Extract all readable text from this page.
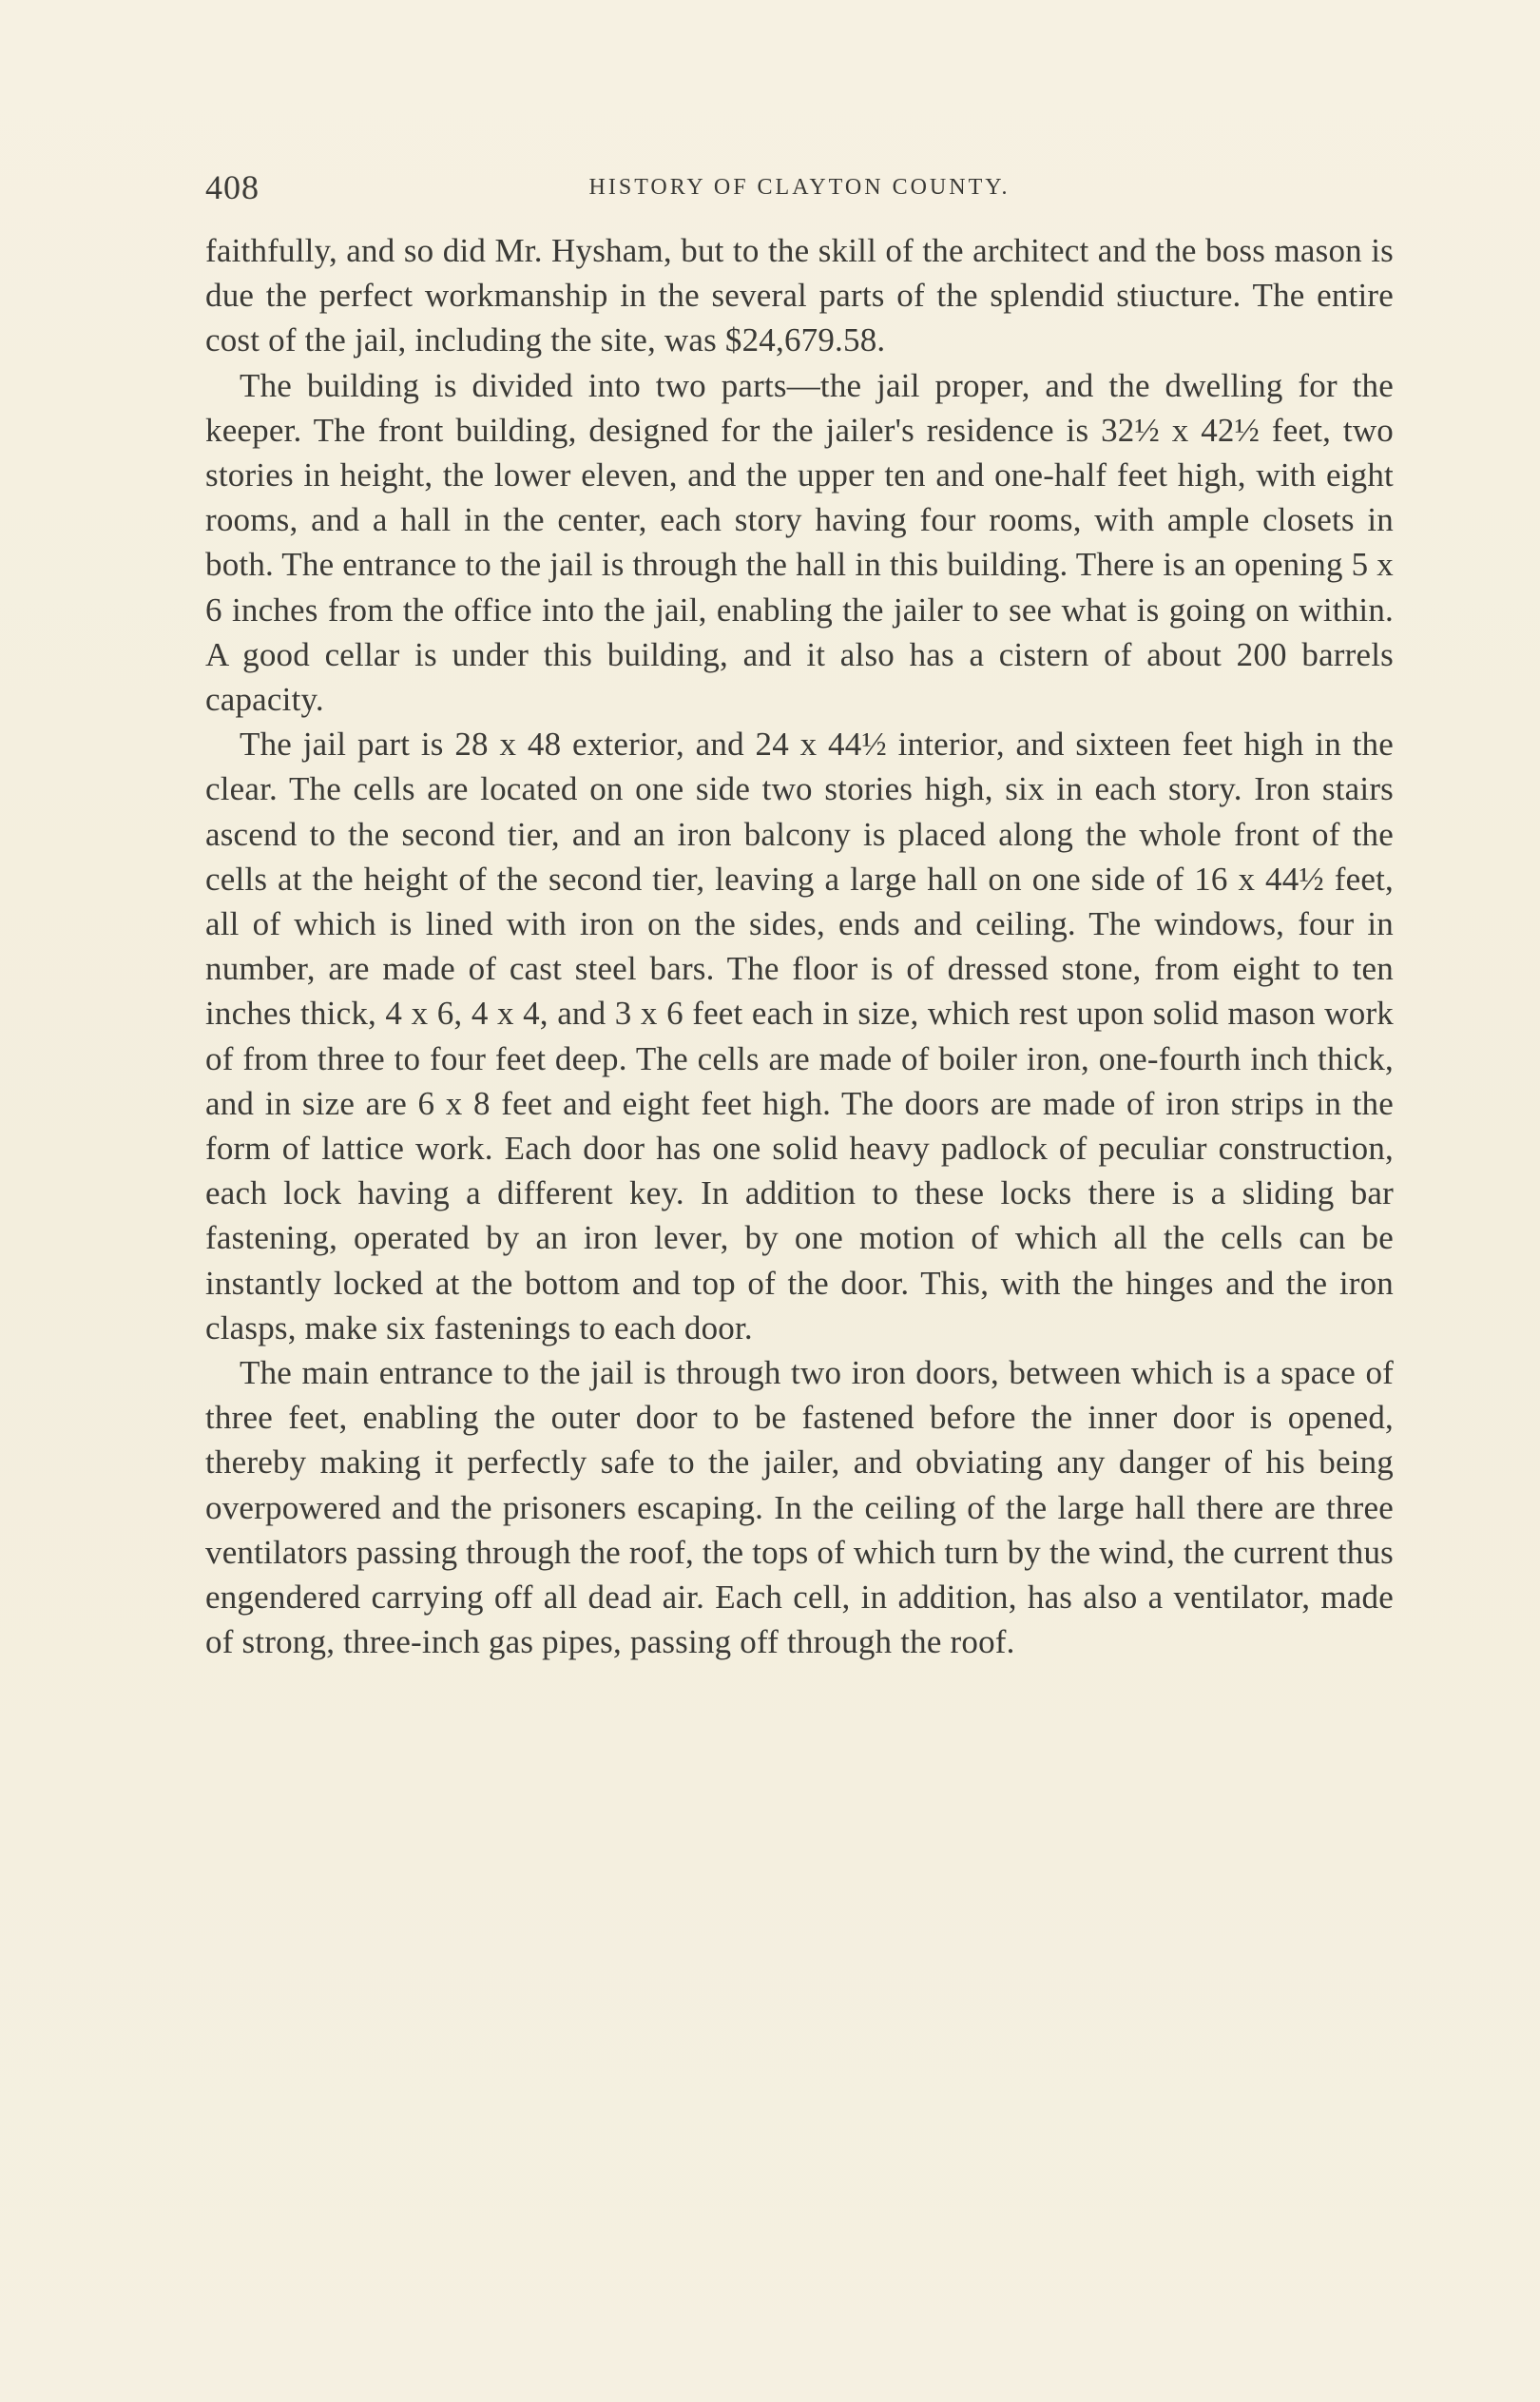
408	HISTORY OF CLAYTON COUNTY.

faithfully, and so did Mr. Hysham, but to the skill of the architect and the boss mason is due the perfect workmanship in the several parts of the splendid stiucture. The entire cost of the jail, including the site, was $24,679.58.

The building is divided into two parts—the jail proper, and the dwelling for the keeper. The front building, designed for the jailer's residence is 32½ x 42½ feet, two stories in height, the lower eleven, and the upper ten and one-half feet high, with eight rooms, and a hall in the center, each story having four rooms, with ample closets in both. The entrance to the jail is through the hall in this building. There is an opening 5 x 6 inches from the office into the jail, enabling the jailer to see what is going on within. A good cellar is under this building, and it also has a cistern of about 200 barrels capacity.

The jail part is 28 x 48 exterior, and 24 x 44½ interior, and sixteen feet high in the clear. The cells are located on one side two stories high, six in each story. Iron stairs ascend to the second tier, and an iron balcony is placed along the whole front of the cells at the height of the second tier, leaving a large hall on one side of 16 x 44½ feet, all of which is lined with iron on the sides, ends and ceiling. The windows, four in number, are made of cast steel bars. The floor is of dressed stone, from eight to ten inches thick, 4 x 6, 4 x 4, and 3 x 6 feet each in size, which rest upon solid mason work of from three to four feet deep. The cells are made of boiler iron, one-fourth inch thick, and in size are 6 x 8 feet and eight feet high. The doors are made of iron strips in the form of lattice work. Each door has one solid heavy padlock of peculiar construction, each lock having a different key. In addition to these locks there is a sliding bar fastening, operated by an iron lever, by one motion of which all the cells can be instantly locked at the bottom and top of the door. This, with the hinges and the iron clasps, make six fastenings to each door.

The main entrance to the jail is through two iron doors, between which is a space of three feet, enabling the outer door to be fastened before the inner door is opened, thereby making it perfectly safe to the jailer, and obviating any danger of his being overpowered and the prisoners escaping. In the ceiling of the large hall there are three ventilators passing through the roof, the tops of which turn by the wind, the current thus engendered carrying off all dead air. Each cell, in addition, has also a ventilator, made of strong, three-inch gas pipes, passing off through the roof.
